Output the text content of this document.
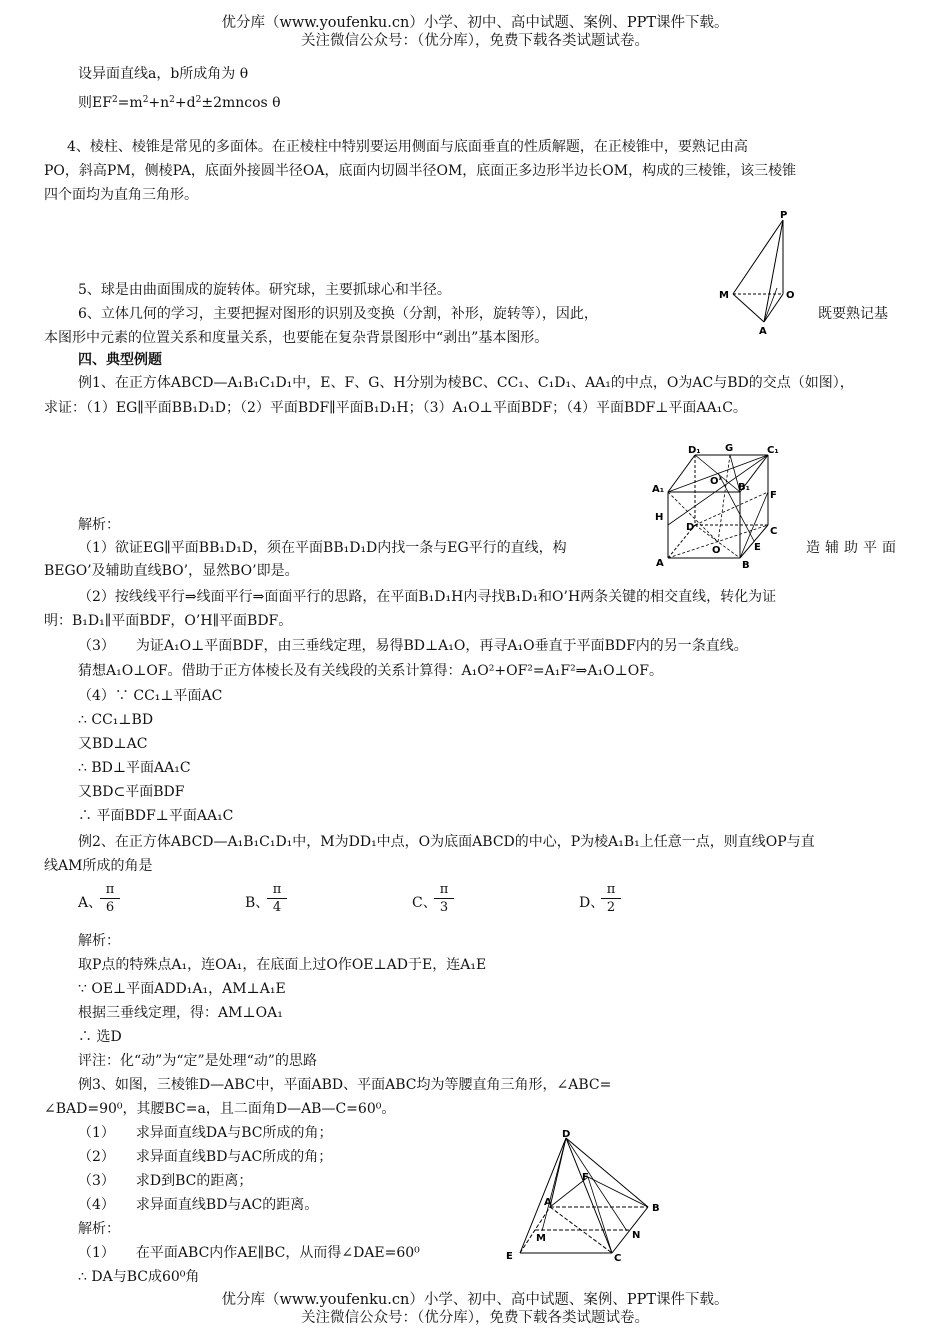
优分库（www.youfenku.cn）小学、初中、高中试题、案例、PPT课件下载。
关注微信公众号：（优分库），免费下载各类试题试卷。
设异面直线a，b所成角为 θ
则$EF^2=m^2+n^2+d^2\pm 2mncos$ θ
4、棱柱、棱锥是常见的多面体。在正棱柱中特别要运用侧面与底面垂直的性质解题，在正棱锥中，要熟记由高
PO，斜高PM，侧棱PA，底面外接圆半径OA，底面内切圆半径OM，底面正多边形半边长OM，构成的三棱锥，该三棱锥
四个面均为直角三角形。
P
M	O
A
5、球是由曲面围成的旋转体。研究球，主要抓球心和半径。
6、立体几何的学习，主要把握对图形的识别及变换（分割，补形，旋转等），因此，	既要熟记基
本图形中元素的位置关系和度量关系，也要能在复杂背景图形中“剥出”基本图形。
四、典型例题
例1、在正方体ABCD—A₁B₁C₁D₁中，E、F、G、H分别为棱BC、CC₁、C₁D₁、AA₁的中点，O为AC与BD的交点（如图），
求证：（1）EG∥平面BB₁D₁D；（2）平面BDF∥平面B₁D₁H；（3）A₁O⊥平面BDF；（4）平面BDF⊥平面AA₁C。
D₁ G	C₁
A₁
O’
B₁
F
H
D	C
O	E
A	B
解析：
（1）欲证EG∥平面BB₁D₁D，须在平面BB₁D₁D内找一条与EG平行的直线，构	造辅助平面
BEGO’及辅助直线BO’，显然BO’即是。
（2）按线线平行⇒线面平行⇒面面平行的思路，在平面B₁D₁H内寻找B₁D₁和O’H两条关键的相交直线，转化为证
明：B₁D₁∥平面BDF，O’H∥平面BDF。
（3）　　为证A₁O⊥平面BDF，由三垂线定理，易得BD⊥A₁O，再寻A₁O垂直于平面BDF内的另一条直线。
猜想A₁O⊥OF。借助于正方体棱长及有关线段的关系计算得：A₁O²+OF²=A₁F²⇒A₁O⊥OF。
（4）∵ CC₁⊥平面AC
∴ CC₁⊥BD
又BD⊥AC
∴ BD⊥平面AA₁C
又BD⊂平面BDF
∴ 平面BDF⊥平面AA₁C
例2、在正方体ABCD—A₁B₁C₁D₁中，M为DD₁中点，O为底面ABCD的中心，P为棱A₁B₁上任意一点，则直线OP与直
线AM所成的角是
A、
$\frac{\pi}{6}$	B、
$\frac{\pi}{4}$	C、
$\frac{\pi}{3}$	D、
$\frac{\pi}{2}$
解析：
取P点的特殊点A₁，连OA₁，在底面上过O作OE⊥AD于E，连A₁E
∵ OE⊥平面ADD₁A₁，AM⊥A₁E
根据三垂线定理，得：AM⊥OA₁
∴ 选D
评注：化“动”为“定”是处理“动”的思路
例3、如图，三棱锥D—ABC中，平面ABD、平面ABC均为等腰直角三角形，∠ABC=
∠BAD=90⁰，其腰BC=a，且二面角D—AB—C=60⁰。
（1）　　求异面直线DA与BC所成的角；
（2）　　求异面直线BD与AC所成的角；
（3）　　求D到BC的距离；
（4）　　求异面直线BD与AC的距离。
解析：
（1）　　在平面ABC内作AE∥BC，从而得∠DAE=60⁰
∴ DA与BC成60⁰角
D
F
A
B
M	N
E	C
优分库（www.youfenku.cn）小学、初中、高中试题、案例、PPT课件下载。
关注微信公众号：（优分库），免费下载各类试题试卷。
